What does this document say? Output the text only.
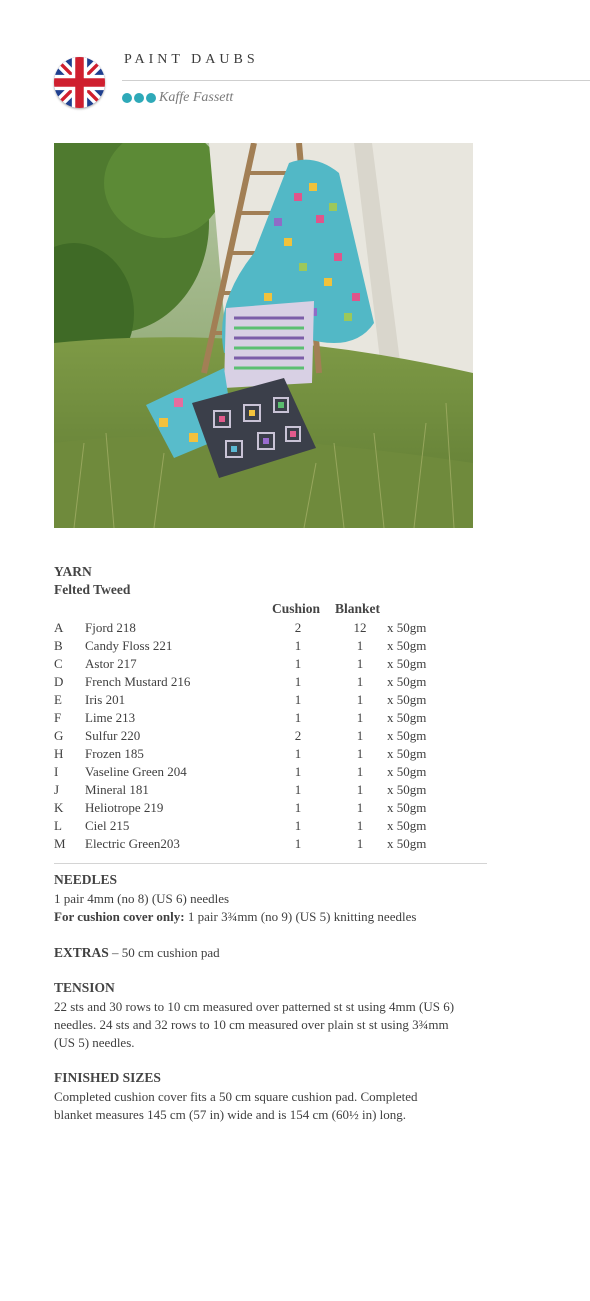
PAINT DAUBS
Kaffe Fassett
YARN
Felted Tweed
Cushion Blanket
A Fjord 218	2	12 x 50gm
B Candy Floss 221	1	1	x 50gm
C Astor 217	1	1	x 50gm
D French Mustard 216	1	1	x 50gm
E Iris 201	1	1	x 50gm
F Lime 213	1	1	x 50gm
G Sulfur 220	2	1	x 50gm
H Frozen 185	1	1	x 50gm
I Vaseline Green 204	1	1	x 50gm
J Mineral 181	1	1	x 50gm
K Heliotrope 219	1	1	x 50gm
L Ciel 215	1	1	x 50gm
M Electric Green203	1	1	x 50gm
NEEDLES
1 pair 4mm (no 8) (US 6) needles
For cushion cover only: 1 pair 3¾mm (no 9) (US 5) knitting needles
EXTRAS – 50 cm cushion pad
TENSION
22 sts and 30 rows to 10 cm measured over patterned st st using 4mm (US 6)
needles. 24 sts and 32 rows to 10 cm measured over plain st st using 3¾mm
(US 5) needles.
FINISHED SIZES
Completed cushion cover fits a 50 cm square cushion pad. Completed
blanket measures 145 cm (57 in) wide and is 154 cm (60½ in) long.
